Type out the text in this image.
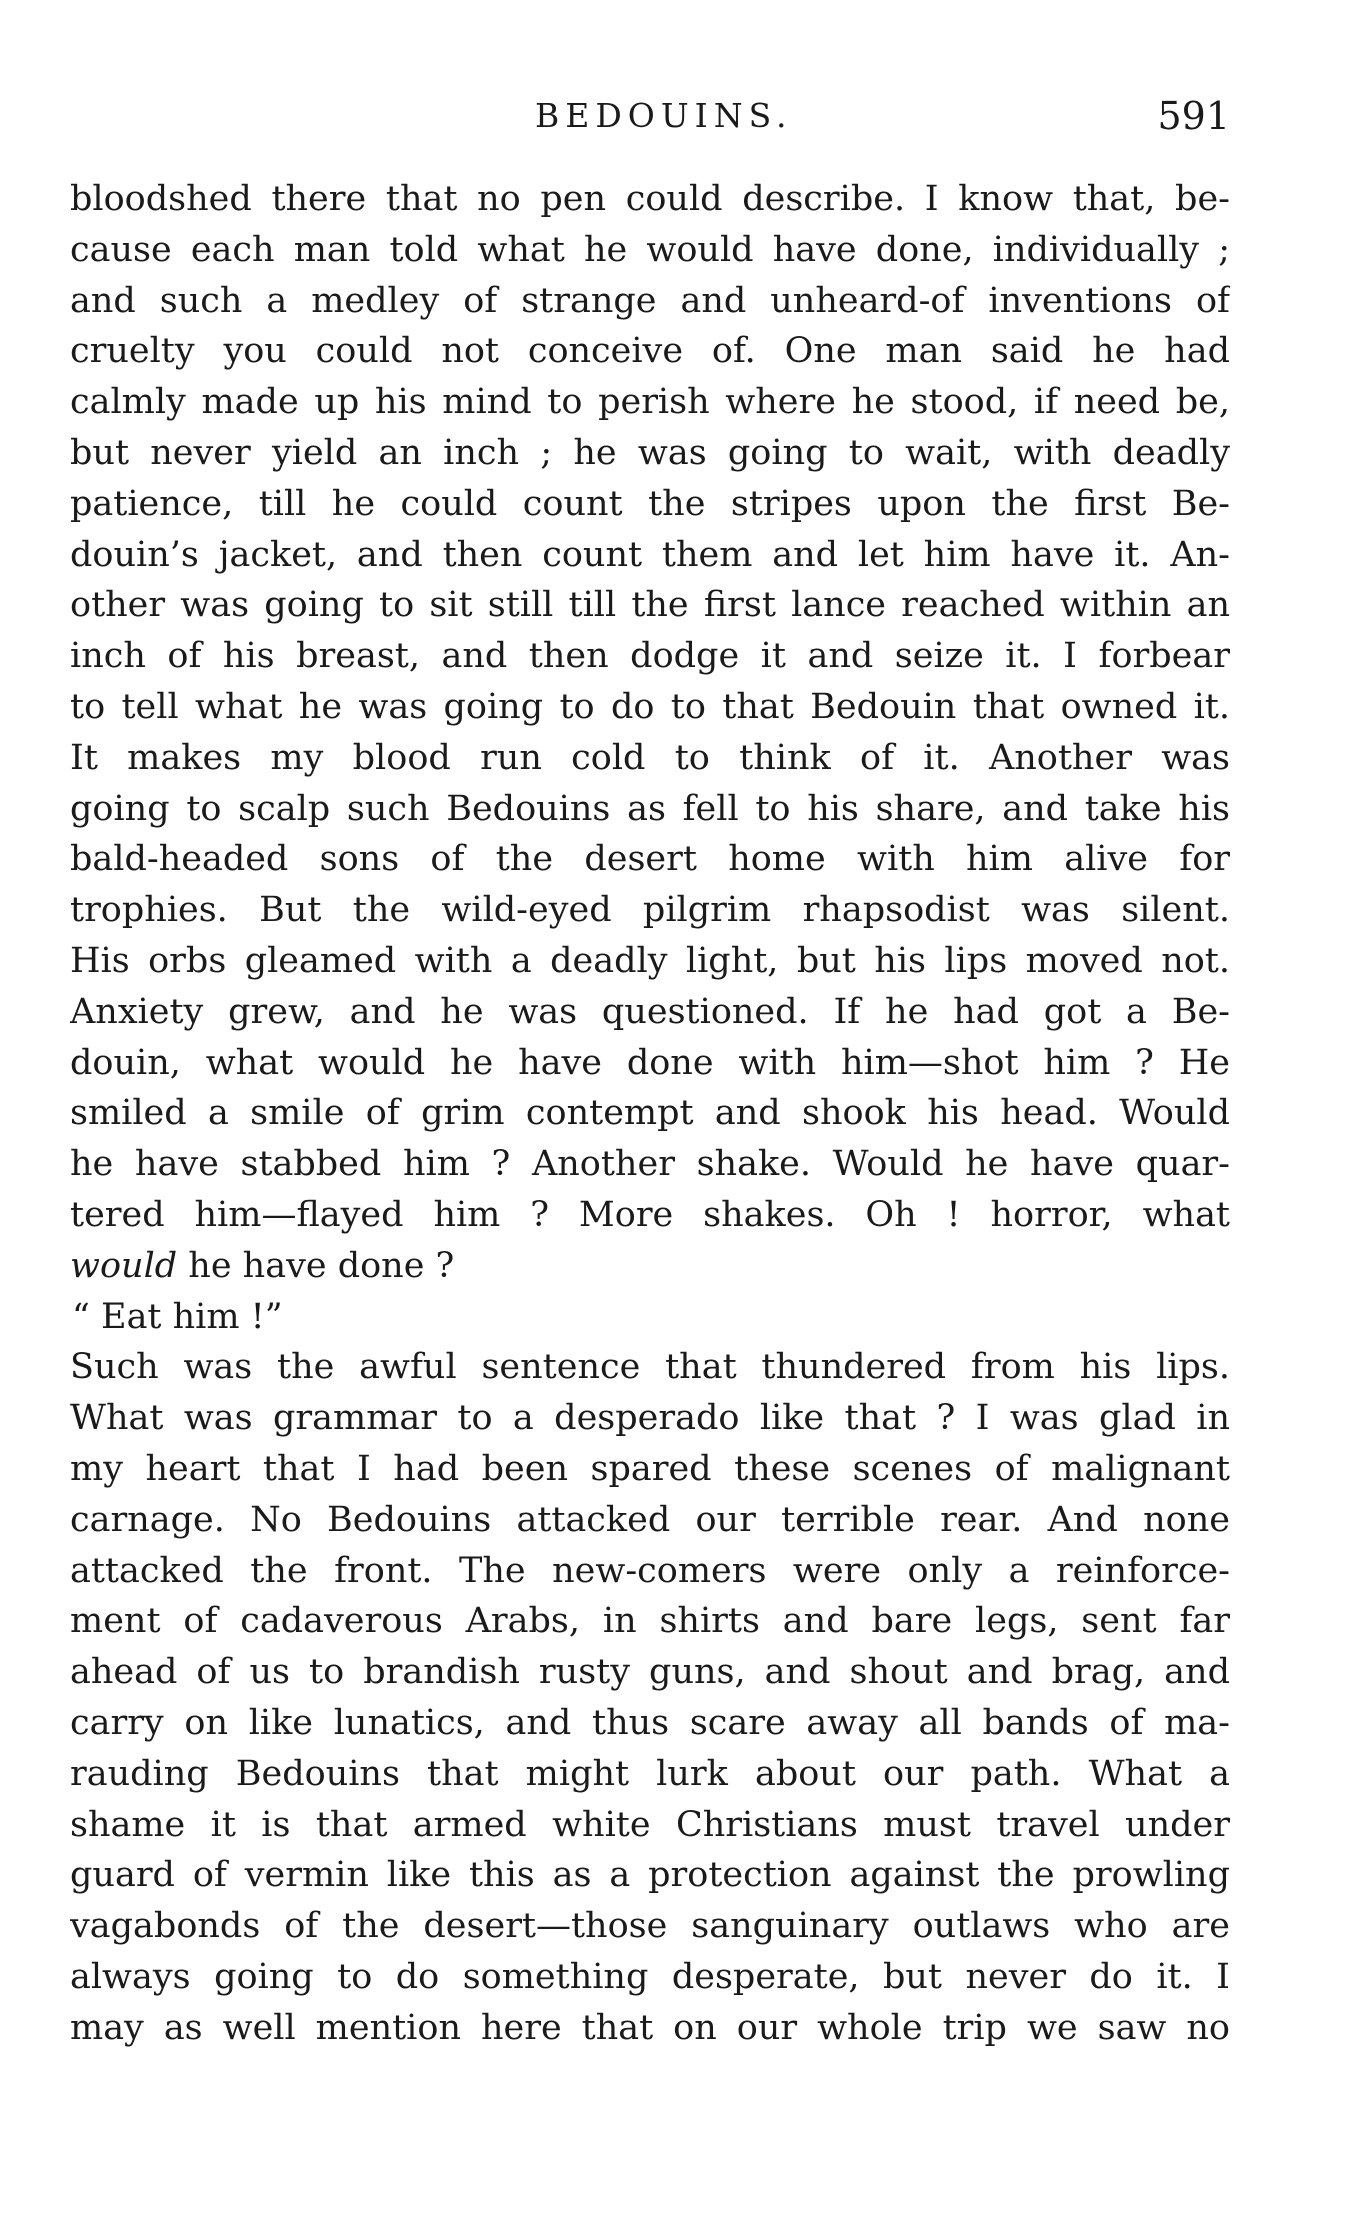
BEDOUINS.	591
bloodshed there that no pen could describe. I know that, be-
cause each man told what he would have done, individually ;
and such a medley of strange and unheard-of inventions of
cruelty you could not conceive of. One man said he had
calmly made up his mind to perish where he stood, if need be,
but never yield an inch ; he was going to wait, with deadly
patience, till he could count the stripes upon the first Be-
douin’s jacket, and then count them and let him have it. An-
other was going to sit still till the first lance reached within an
inch of his breast, and then dodge it and seize it. I forbear
to tell what he was going to do to that Bedouin that owned it.
It makes my blood run cold to think of it. Another was
going to scalp such Bedouins as fell to his share, and take his
bald-headed sons of the desert home with him alive for
trophies. But the wild-eyed pilgrim rhapsodist was silent.
His orbs gleamed with a deadly light, but his lips moved not.
Anxiety grew, and he was questioned. If he had got a Be-
douin, what would he have done with him—shot him ? He
smiled a smile of grim contempt and shook his head. Would
he have stabbed him ? Another shake. Would he have quar-
tered him—flayed him ? More shakes. Oh ! horror, what
would he have done ?
“ Eat him !”
Such was the awful sentence that thundered from his lips.
What was grammar to a desperado like that ? I was glad in
my heart that I had been spared these scenes of malignant
carnage. No Bedouins attacked our terrible rear. And none
attacked the front. The new-comers were only a reinforce-
ment of cadaverous Arabs, in shirts and bare legs, sent far
ahead of us to brandish rusty guns, and shout and brag, and
carry on like lunatics, and thus scare away all bands of ma-
rauding Bedouins that might lurk about our path. What a
shame it is that armed white Christians must travel under
guard of vermin like this as a protection against the prowling
vagabonds of the desert—those sanguinary outlaws who are
always going to do something desperate, but never do it. I
may as well mention here that on our whole trip we saw no
